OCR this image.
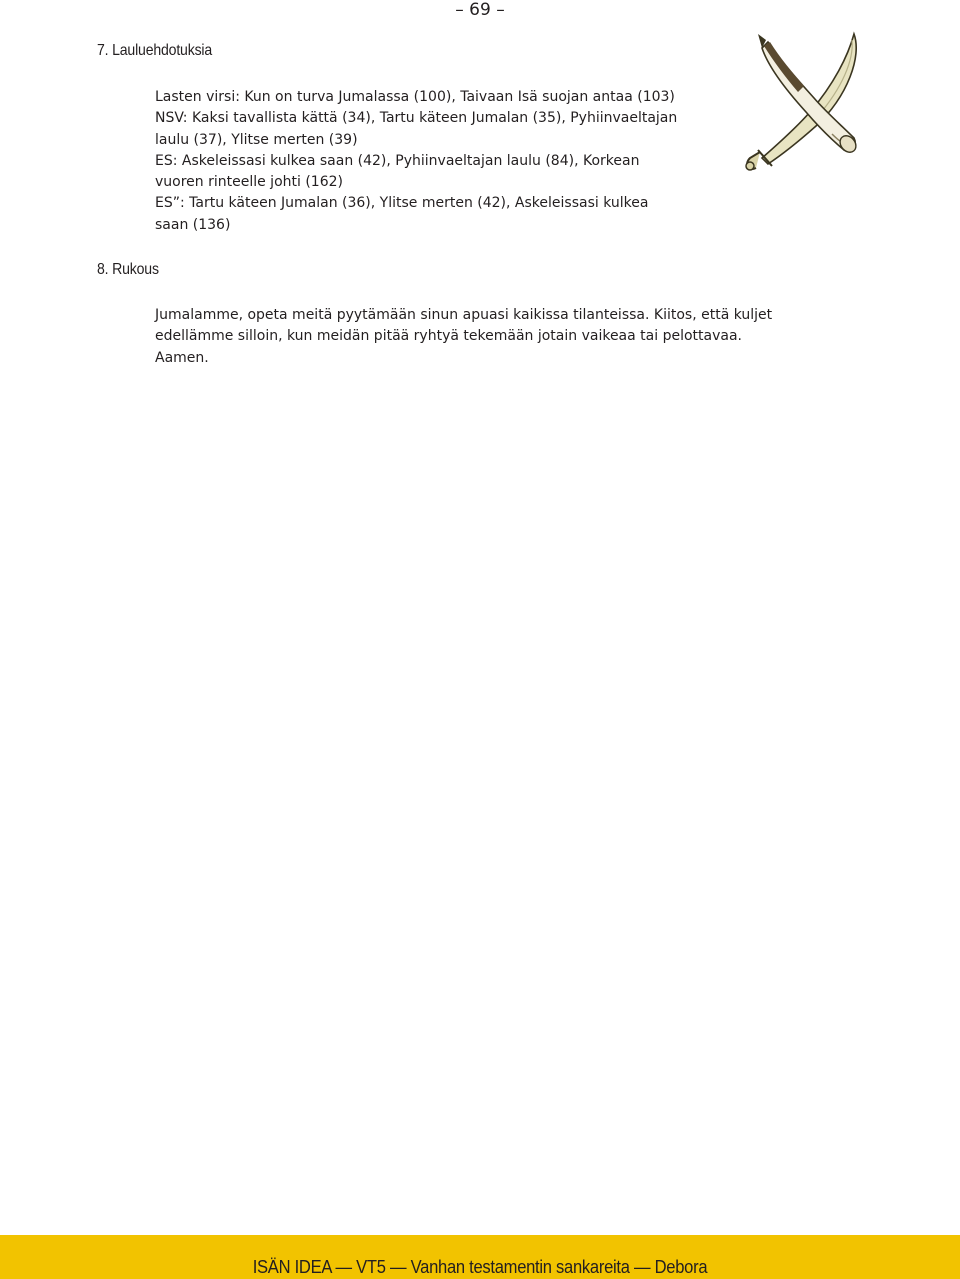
– 69 –
7. Lauluehdotuksia
Lasten virsi: Kun on turva Jumalassa (100), Taivaan Isä suojan antaa (103)
NSV: Kaksi tavallista kättä (34), Tartu käteen Jumalan (35), Pyhiinvaeltajan
laulu (37), Ylitse merten (39)
ES: Askeleissasi kulkea saan (42), Pyhiinvaeltajan laulu (84), Korkean
vuoren rinteelle johti (162)
ES”: Tartu käteen Jumalan (36), Ylitse merten (42), Askeleissasi kulkea
saan (136)
8. Rukous
Jumalamme, opeta meitä pyytämään sinun apuasi kaikissa tilanteissa. Kiitos, että kuljet
edellämme silloin, kun meidän pitää ryhtyä tekemään jotain vaikeaa tai pelottavaa.
Aamen.
ISÄN IDEA — VT5 — Vanhan testamentin sankareita — Debora
